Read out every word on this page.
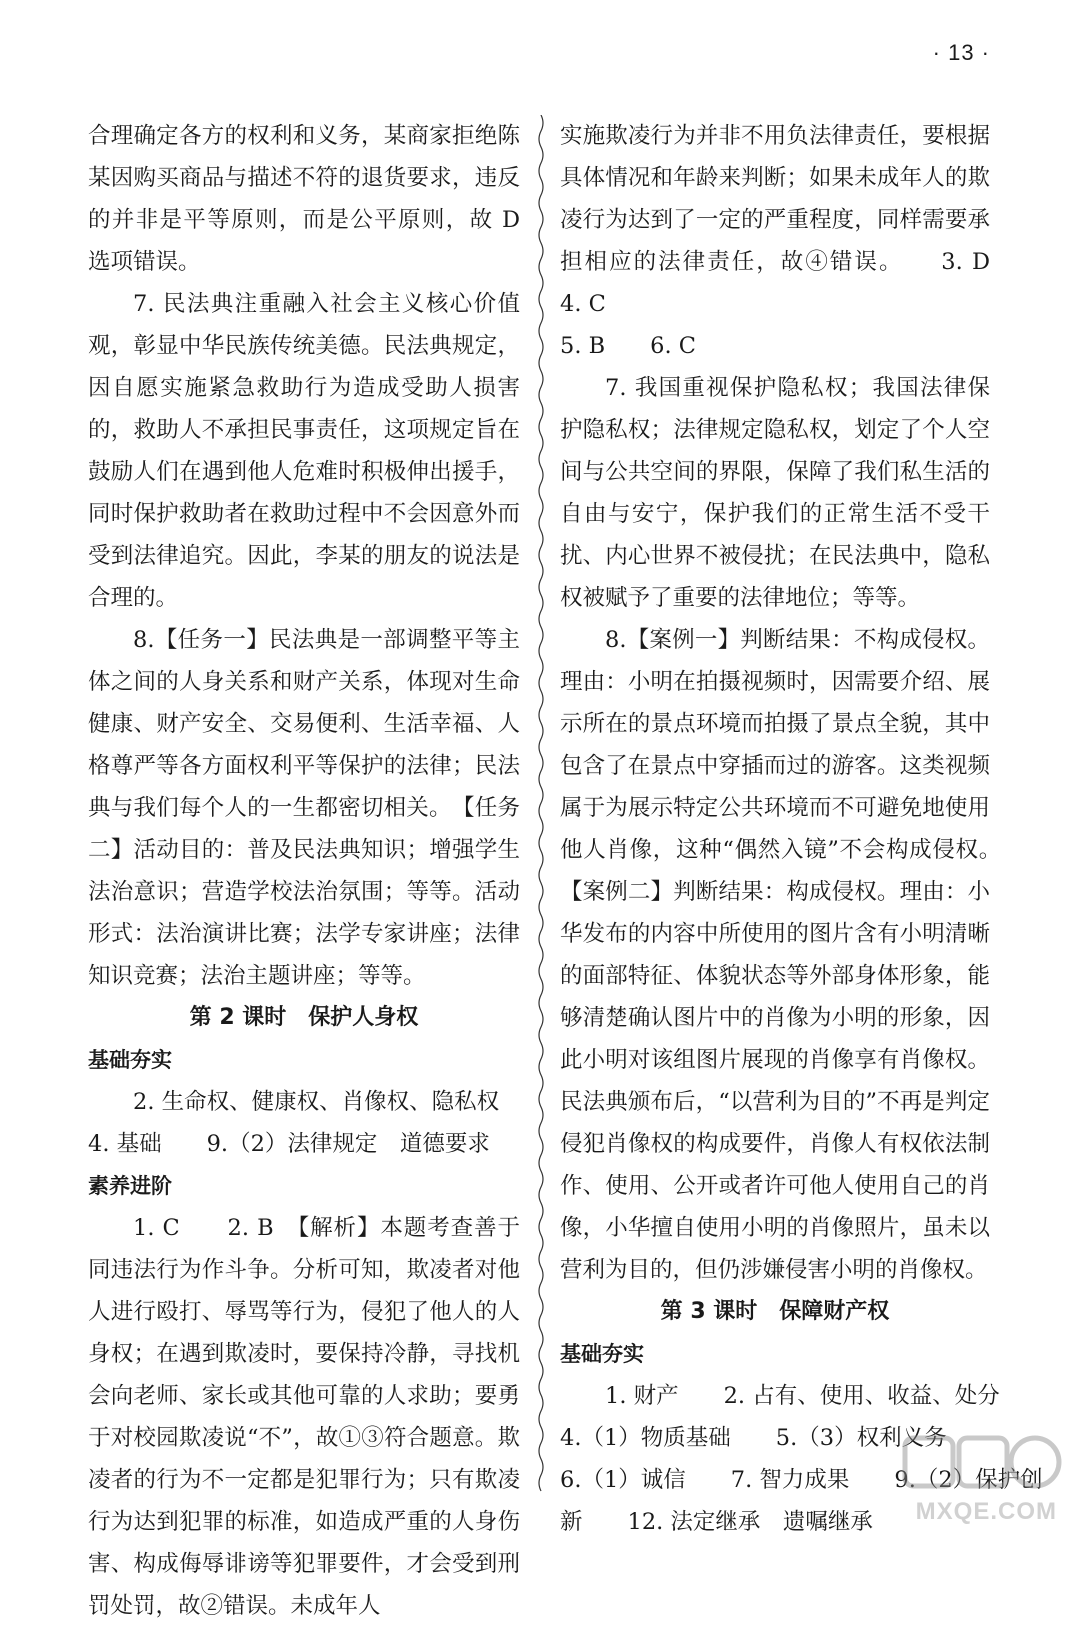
· 13 ·

合理确定各方的权利和义务，某商家拒绝陈某因购买商品与描述不符的退货要求，违反的并非是平等原则，而是公平原则，故 D 选项错误。

7. 民法典注重融入社会主义核心价值观，彰显中华民族传统美德。民法典规定，因自愿实施紧急救助行为造成受助人损害的，救助人不承担民事责任，这项规定旨在鼓励人们在遇到他人危难时积极伸出援手，同时保护救助者在救助过程中不会因意外而受到法律追究。因此，李某的朋友的说法是合理的。

8.【任务一】民法典是一部调整平等主体之间的人身关系和财产关系，体现对生命健康、财产安全、交易便利、生活幸福、人格尊严等各方面权利平等保护的法律；民法典与我们每个人的一生都密切相关。　【任务二】活动目的：普及民法典知识；增强学生法治意识；营造学校法治氛围；等等。活动形式：法治演讲比赛；法学专家讲座；法律知识竞赛；法治主题讲座；等等。

第 2 课时　保护人身权

基础夯实

2. 生命权、健康权、肖像权、隐私权

4. 基础　　9.（2）法律规定　道德要求

素养进阶

1. C　　2. B　【解析】本题考查善于同违法行为作斗争。分析可知，欺凌者对他人进行殴打、辱骂等行为，侵犯了他人的人身权；在遇到欺凌时，要保持冷静，寻找机会向老师、家长或其他可靠的人求助；要勇于对校园欺凌说“不”，故①③符合题意。欺凌者的行为不一定都是犯罪行为；只有欺凌行为达到犯罪的标准，如造成严重的人身伤害、构成侮辱诽谤等犯罪要件，才会受到刑罚处罚，故②错误。未成年人

实施欺凌行为并非不用负法律责任，要根据具体情况和年龄来判断；如果未成年人的欺凌行为达到了一定的严重程度，同样需要承担相应的法律责任，故④错误。　　3. D　　4. C

5. B　　6. C

7. 我国重视保护隐私权；我国法律保护隐私权；法律规定隐私权，划定了个人空间与公共空间的界限，保障了我们私生活的自由与安宁，保护我们的正常生活不受干扰、内心世界不被侵扰；在民法典中，隐私权被赋予了重要的法律地位；等等。

8.【案例一】判断结果：不构成侵权。理由：小明在拍摄视频时，因需要介绍、展示所在的景点环境而拍摄了景点全貌，其中包含了在景点中穿插而过的游客。这类视频属于为展示特定公共环境而不可避免地使用他人肖像，这种“偶然入镜”不会构成侵权。　【案例二】判断结果：构成侵权。理由：小华发布的内容中所使用的图片含有小明清晰的面部特征、体貌状态等外部身体形象，能够清楚确认图片中的肖像为小明的形象，因此小明对该组图片展现的肖像享有肖像权。民法典颁布后，“以营利为目的”不再是判定侵犯肖像权的构成要件，肖像人有权依法制作、使用、公开或者许可他人使用自己的肖像，小华擅自使用小明的肖像照片，虽未以营利为目的，但仍涉嫌侵害小明的肖像权。

第 3 课时　保障财产权

基础夯实

1. 财产　　2. 占有、使用、收益、处分

4.（1）物质基础　　5.（3）权利义务

6.（1）诚信　　7. 智力成果　　9.（2）保护创

新　　12. 法定继承　遗嘱继承	MXQE.COM
